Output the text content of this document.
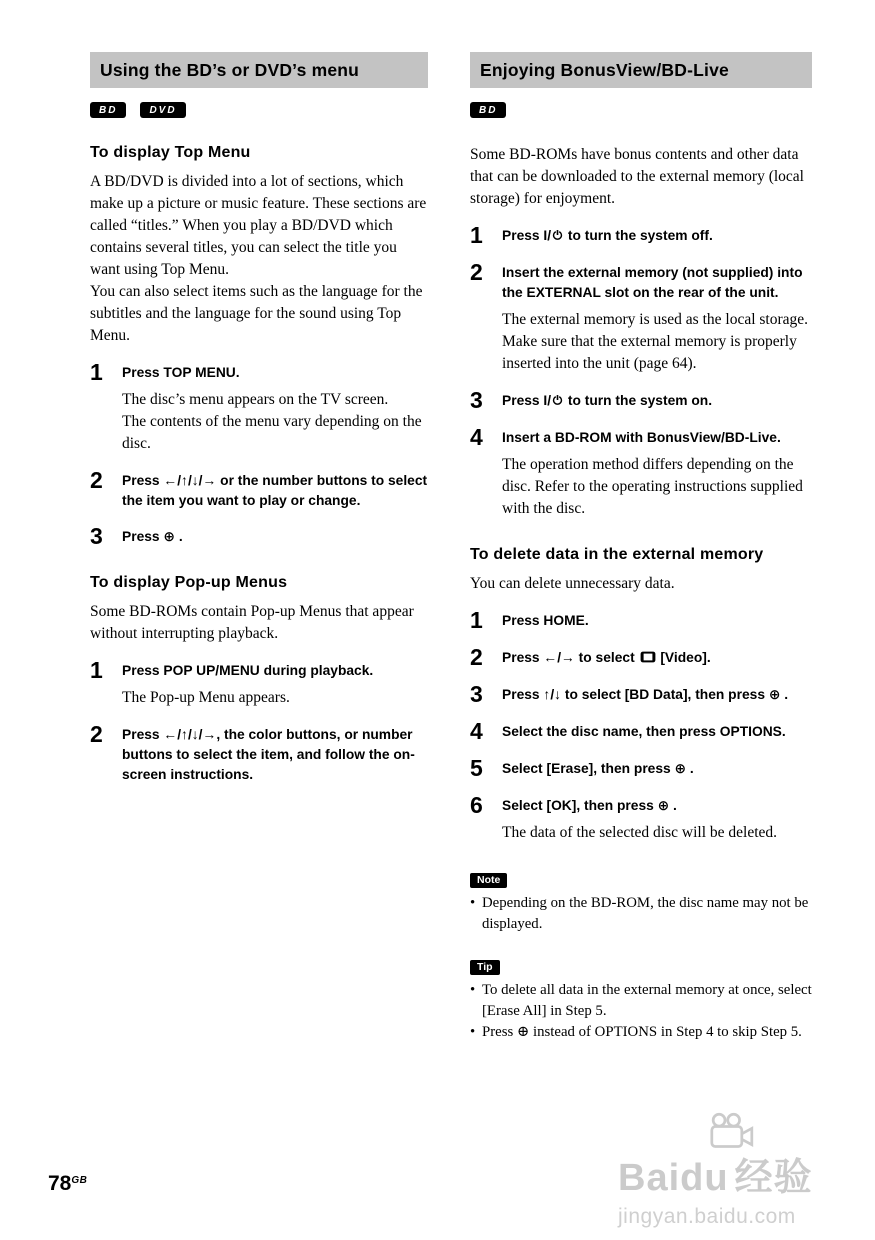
Using the BD’s or DVD’s menu
BD	DVD
To display Top Menu

A BD/DVD is divided into a lot of sections, which make up a picture or music feature. These sections are called “titles.” When you play a BD/DVD which contains several titles, you can select the title you want using Top Menu.

You can also select items such as the language for the subtitles and the language for the sound using Top Menu.

1	Press TOP MENU.

The disc’s menu appears on the TV screen.

The contents of the menu vary depending on the disc.

2	Press ←/↑/↓/→ or the number buttons to select the item you want to play or change.
3	Press ⊕ .
To display Pop-up Menus

Some BD-ROMs contain Pop-up Menus that appear without interrupting playback.

1	Press POP UP/MENU during playback.

The Pop-up Menu appears.

2	Press ←/↑/↓/→, the color buttons, or number buttons to select the item, and follow the on-screen instructions.
Enjoying BonusView/BD-Live
BD

Some BD-ROMs have bonus contents and other data that can be downloaded to the external memory (local storage) for enjoyment.

1	Press I/ to turn the system off.
2	Insert the external memory (not supplied) into the EXTERNAL slot on the rear of the unit.

The external memory is used as the local storage.

Make sure that the external memory is properly inserted into the unit (page 64).

3	Press I/ to turn the system on.
4	Insert a BD-ROM with BonusView/BD-Live.

The operation method differs depending on the disc. Refer to the operating instructions supplied with the disc.

To delete data in the external memory

You can delete unnecessary data.

1	Press HOME.
2	Press ←/→ to select  [Video].
3	Press ↑/↓ to select [BD Data], then press ⊕ .
4	Select the disc name, then press OPTIONS.
5	Select [Erase], then press ⊕ .
6	Select [OK], then press ⊕ .

The data of the selected disc will be deleted.

Note
• Depending on the BD-ROM, the disc name may not be displayed.
Tip
• To delete all data in the external memory at once, select [Erase All] in Step 5.
• Press ⊕ instead of OPTIONS in Step 4 to skip Step 5.
$78^{GB}$	Baidu 经验
jingyan.baidu.com
